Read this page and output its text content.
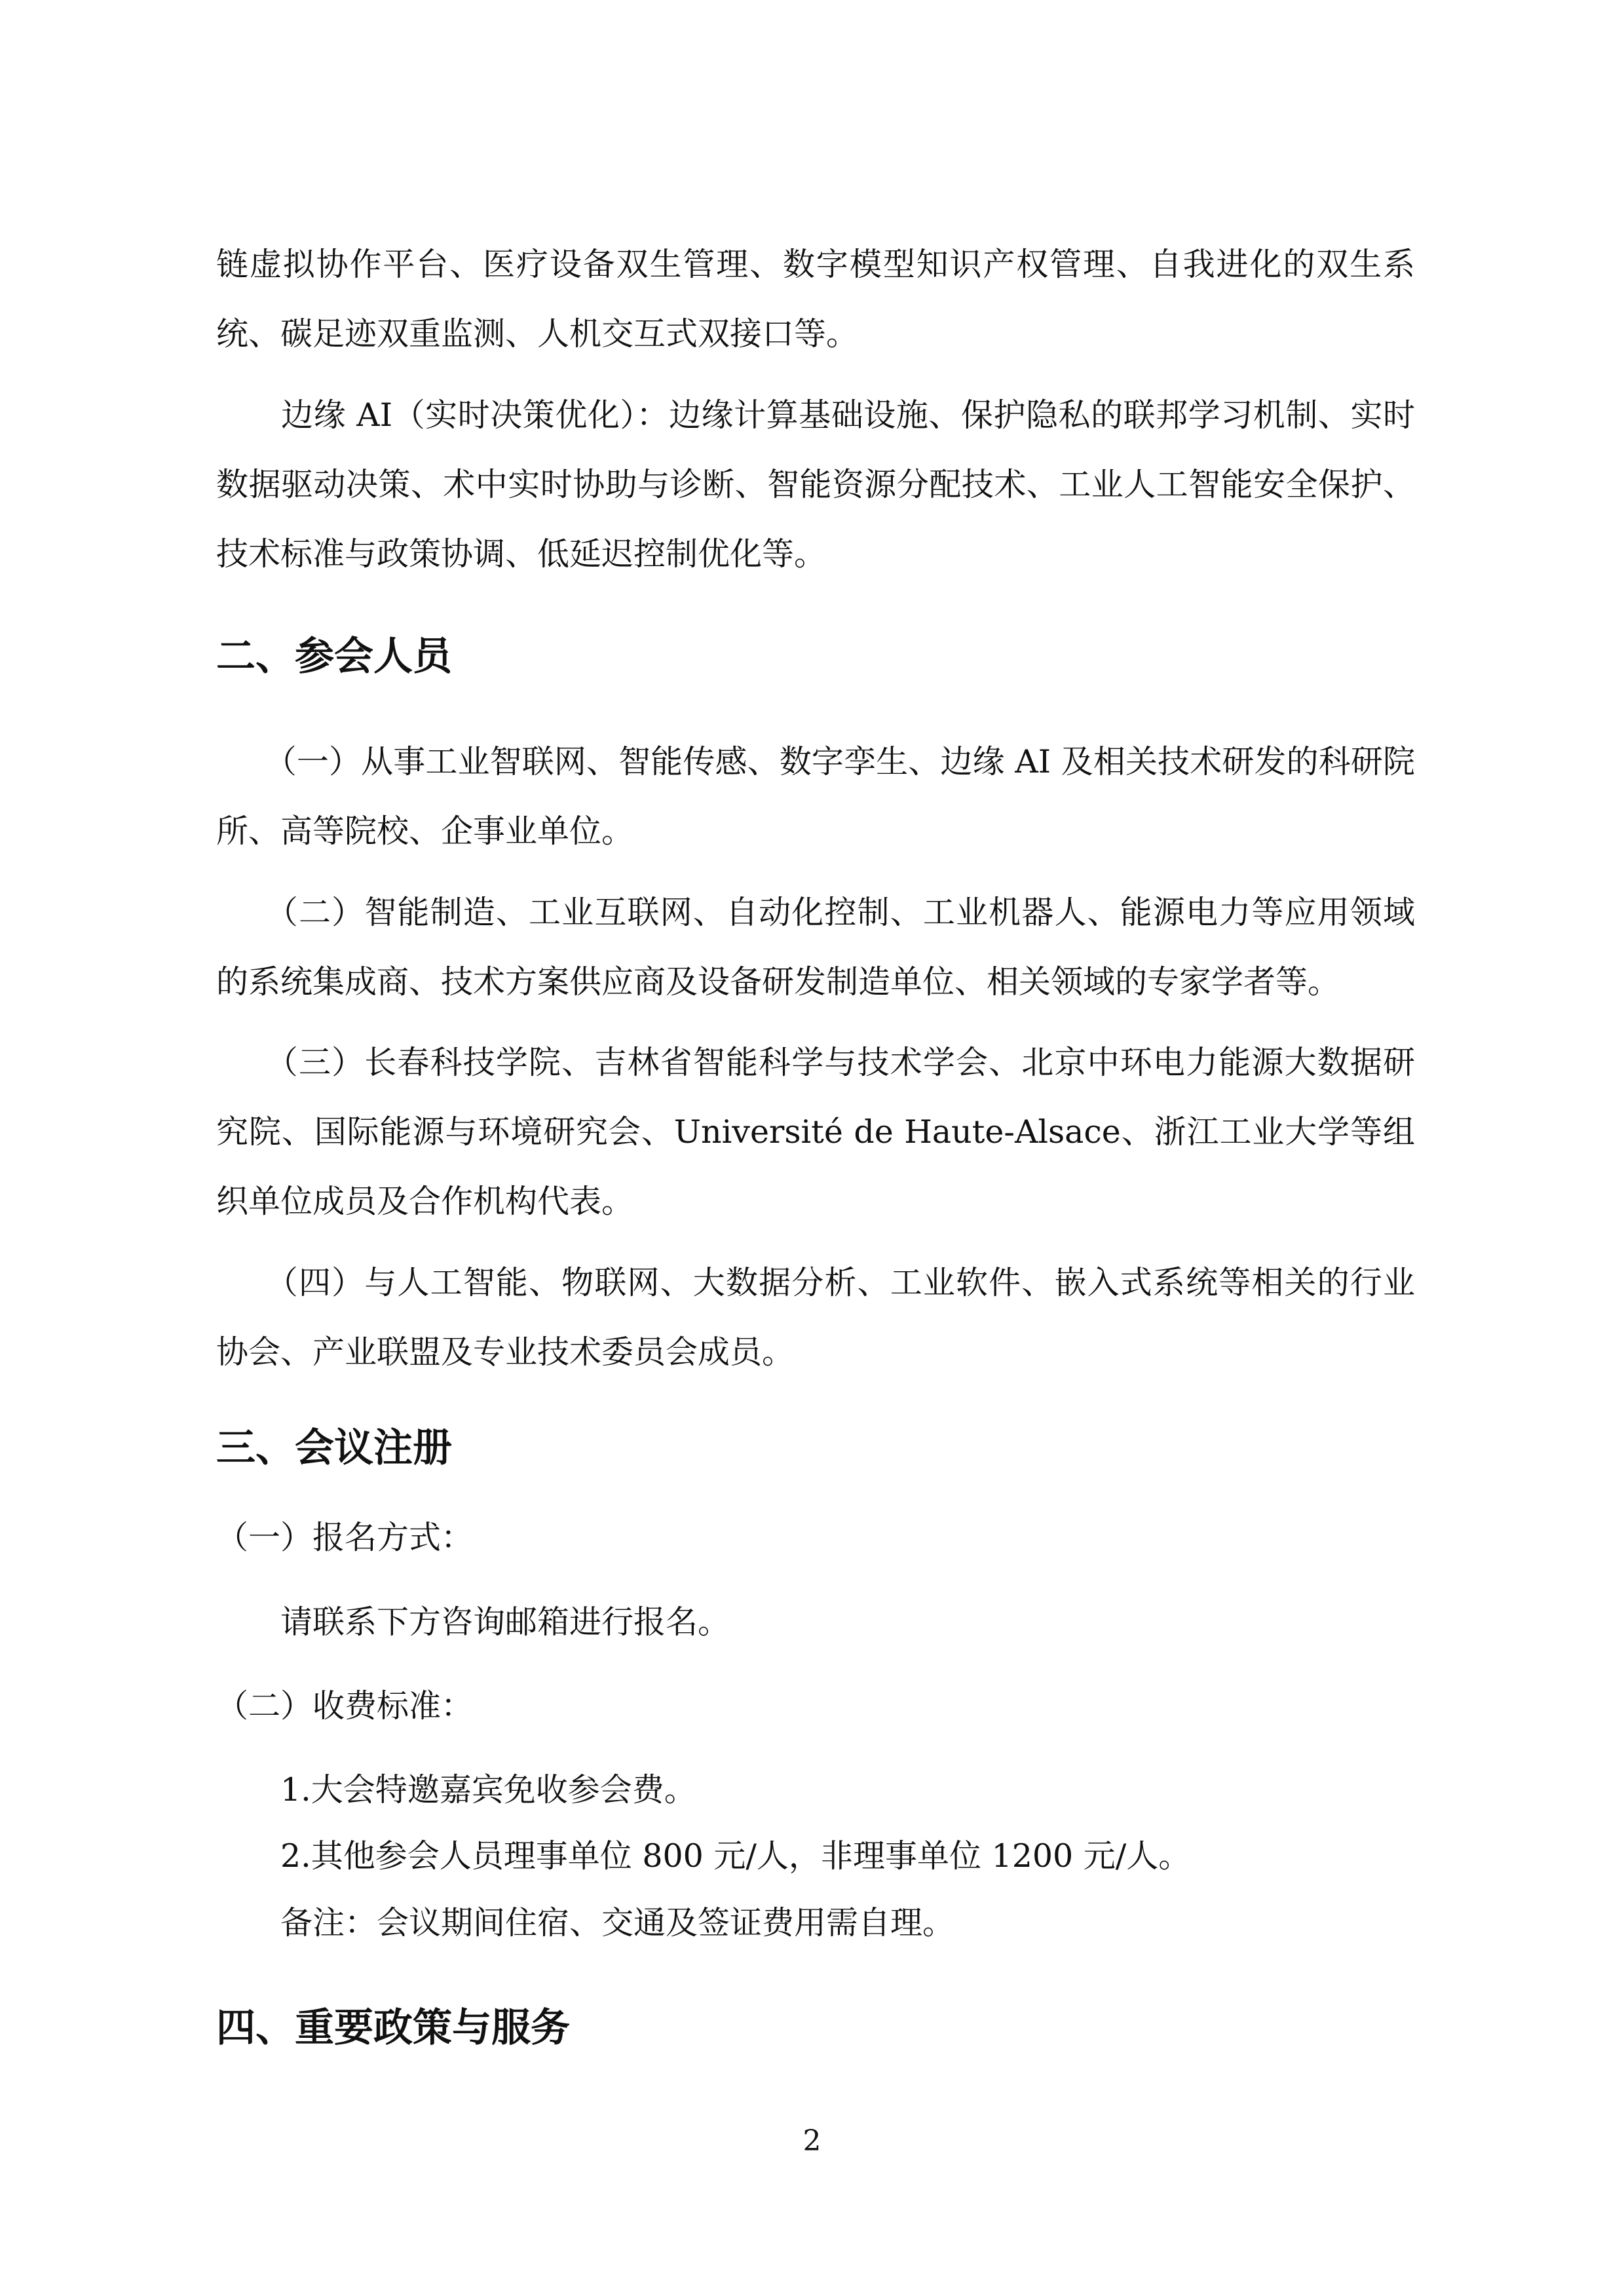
链虚拟协作平台、医疗设备双生管理、数字模型知识产权管理、自我进化的双生系统、碳足迹双重监测、人机交互式双接口等。

　　边缘 AI（实时决策优化）：边缘计算基础设施、保护隐私的联邦学习机制、实时数据驱动决策、术中实时协助与诊断、智能资源分配技术、工业人工智能安全保护、技术标准与政策协调、低延迟控制优化等。

二、参会人员

　　（一）从事工业智联网、智能传感、数字孪生、边缘 AI 及相关技术研发的科研院所、高等院校、企事业单位。

　　（二）智能制造、工业互联网、自动化控制、工业机器人、能源电力等应用领域的系统集成商、技术方案供应商及设备研发制造单位、相关领域的专家学者等。

　　（三）长春科技学院、吉林省智能科学与技术学会、北京中环电力能源大数据研究院、国际能源与环境研究会、Université de Haute-Alsace、浙江工业大学等组织单位成员及合作机构代表。

　　（四）与人工智能、物联网、大数据分析、工业软件、嵌入式系统等相关的行业协会、产业联盟及专业技术委员会成员。

三、会议注册

（一）报名方式：

请联系下方咨询邮箱进行报名。

（二）收费标准：

1.大会特邀嘉宾免收参会费。

2.其他参会人员理事单位 800 元/人，非理事单位 1200 元/人。

备注：会议期间住宿、交通及签证费用需自理。

四、重要政策与服务

2
